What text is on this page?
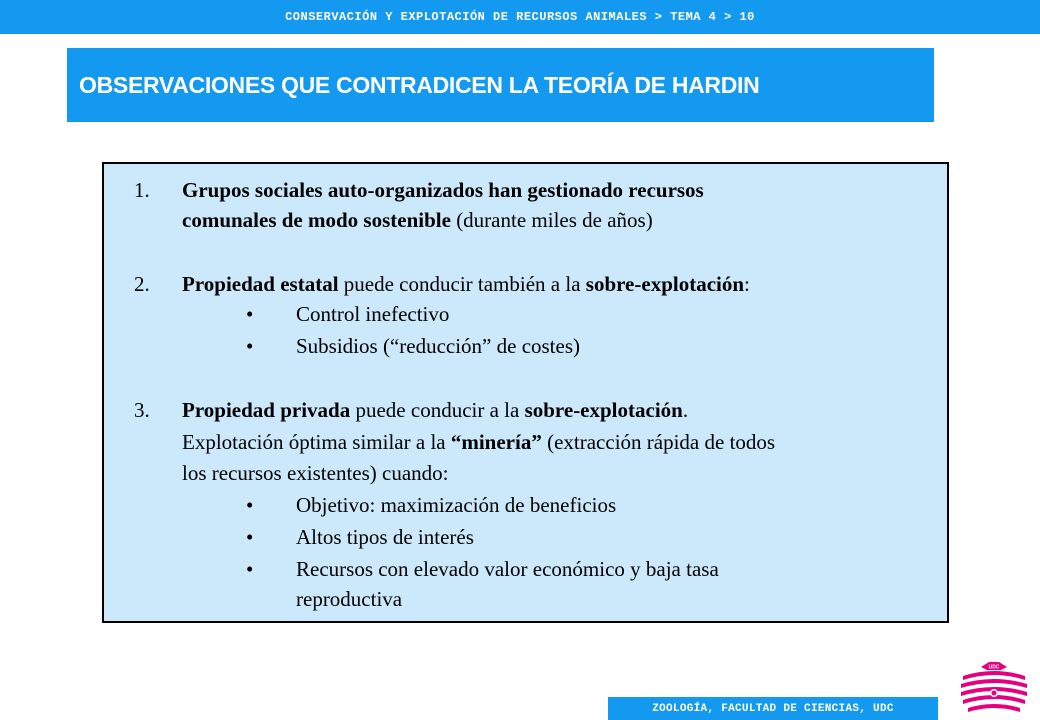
CONSERVACIÓN Y EXPLOTACIÓN DE RECURSOS ANIMALES > TEMA 4 > 10
OBSERVACIONES QUE CONTRADICEN LA TEORÍA DE HARDIN
1. Grupos sociales auto-organizados han gestionado recursos
comunales de modo sostenible (durante miles de años)
2. Propiedad estatal puede conducir también a la sobre-explotación:
• Control inefectivo
• Subsidios (“reducción” de costes)
3. Propiedad privada puede conducir a la sobre-explotación.
Explotación óptima similar a la “minería” (extracción rápida de todos
los recursos existentes) cuando:
• Objetivo: maximización de beneficios
• Altos tipos de interés
• Recursos con elevado valor económico y baja tasa
reproductiva
ZOOLOGÍA, FACULTAD DE CIENCIAS, UDC
UDC
